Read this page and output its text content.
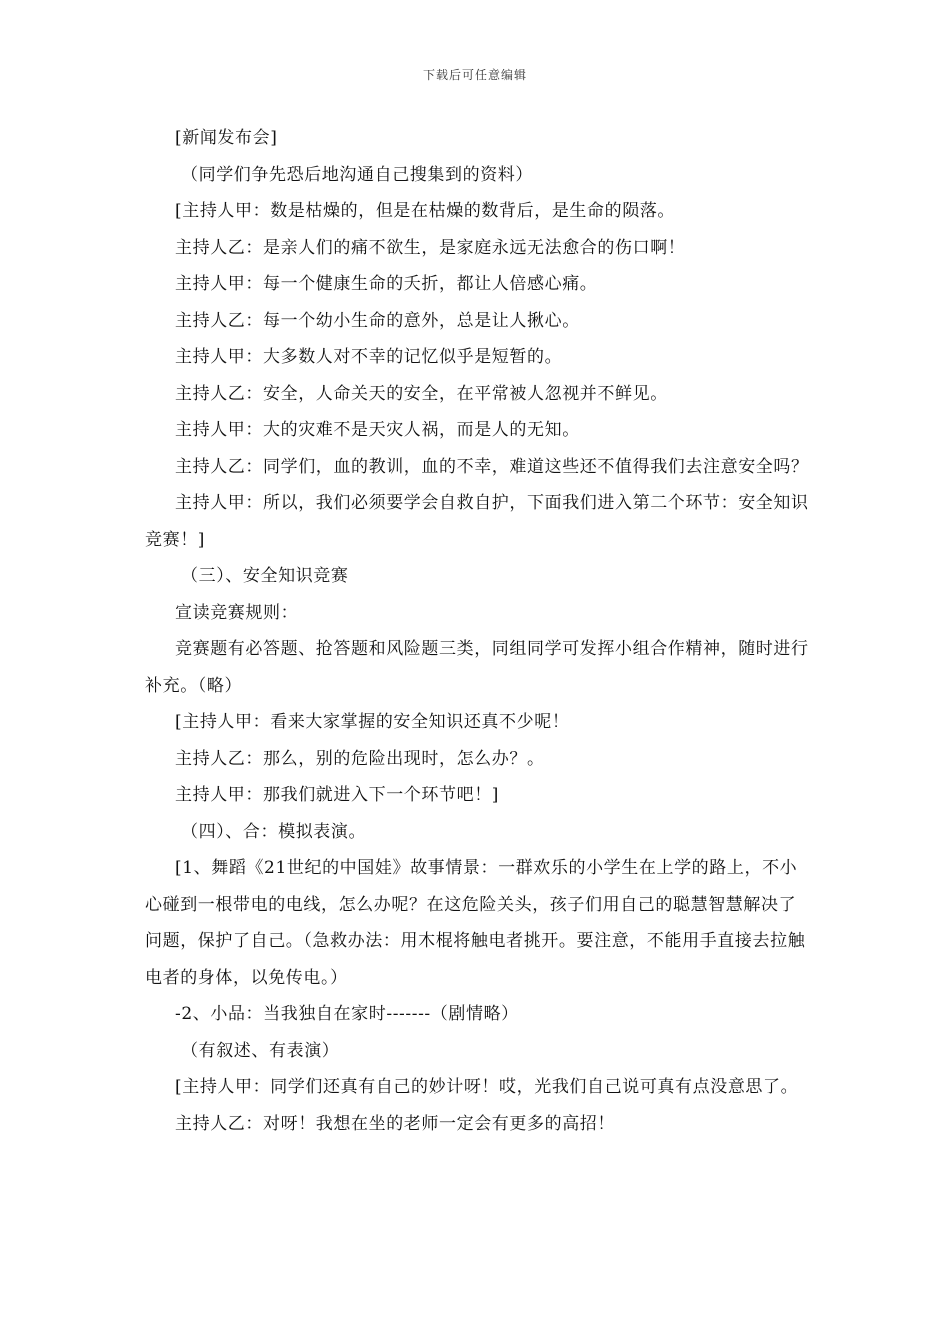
下载后可任意编辑

[新闻发布会]

（同学们争先恐后地沟通自己搜集到的资料）

[主持人甲：数是枯燥的，但是在枯燥的数背后，是生命的陨落。

主持人乙：是亲人们的痛不欲生，是家庭永远无法愈合的伤口啊！

主持人甲：每一个健康生命的夭折，都让人倍感心痛。

主持人乙：每一个幼小生命的意外，总是让人揪心。

主持人甲：大多数人对不幸的记忆似乎是短暂的。

主持人乙：安全，人命关天的安全，在平常被人忽视并不鲜见。

主持人甲：大的灾难不是天灾人祸，而是人的无知。

主持人乙：同学们，血的教训，血的不幸，难道这些还不值得我们去注意安全吗？

主持人甲：所以，我们必须要学会自救自护，下面我们进入第二个环节：安全知识竞赛！]

（三）、安全知识竞赛

宣读竞赛规则：

竞赛题有必答题、抢答题和风险题三类，同组同学可发挥小组合作精神，随时进行补充。（略）

[主持人甲：看来大家掌握的安全知识还真不少呢！

主持人乙：那么，别的危险出现时，怎么办？。

主持人甲：那我们就进入下一个环节吧！]

（四）、合：模拟表演。

[1、舞蹈《21世纪的中国娃》故事情景：一群欢乐的小学生在上学的路上，不小心碰到一根带电的电线，怎么办呢？在这危险关头，孩子们用自己的聪慧智慧解决了问题，保护了自己。（急救办法：用木棍将触电者挑开。要注意，不能用手直接去拉触电者的身体，以免传电。）

-2、小品：当我独自在家时-------（剧情略）

（有叙述、有表演）

[主持人甲：同学们还真有自己的妙计呀！哎，光我们自己说可真有点没意思了。

主持人乙：对呀！我想在坐的老师一定会有更多的高招！
